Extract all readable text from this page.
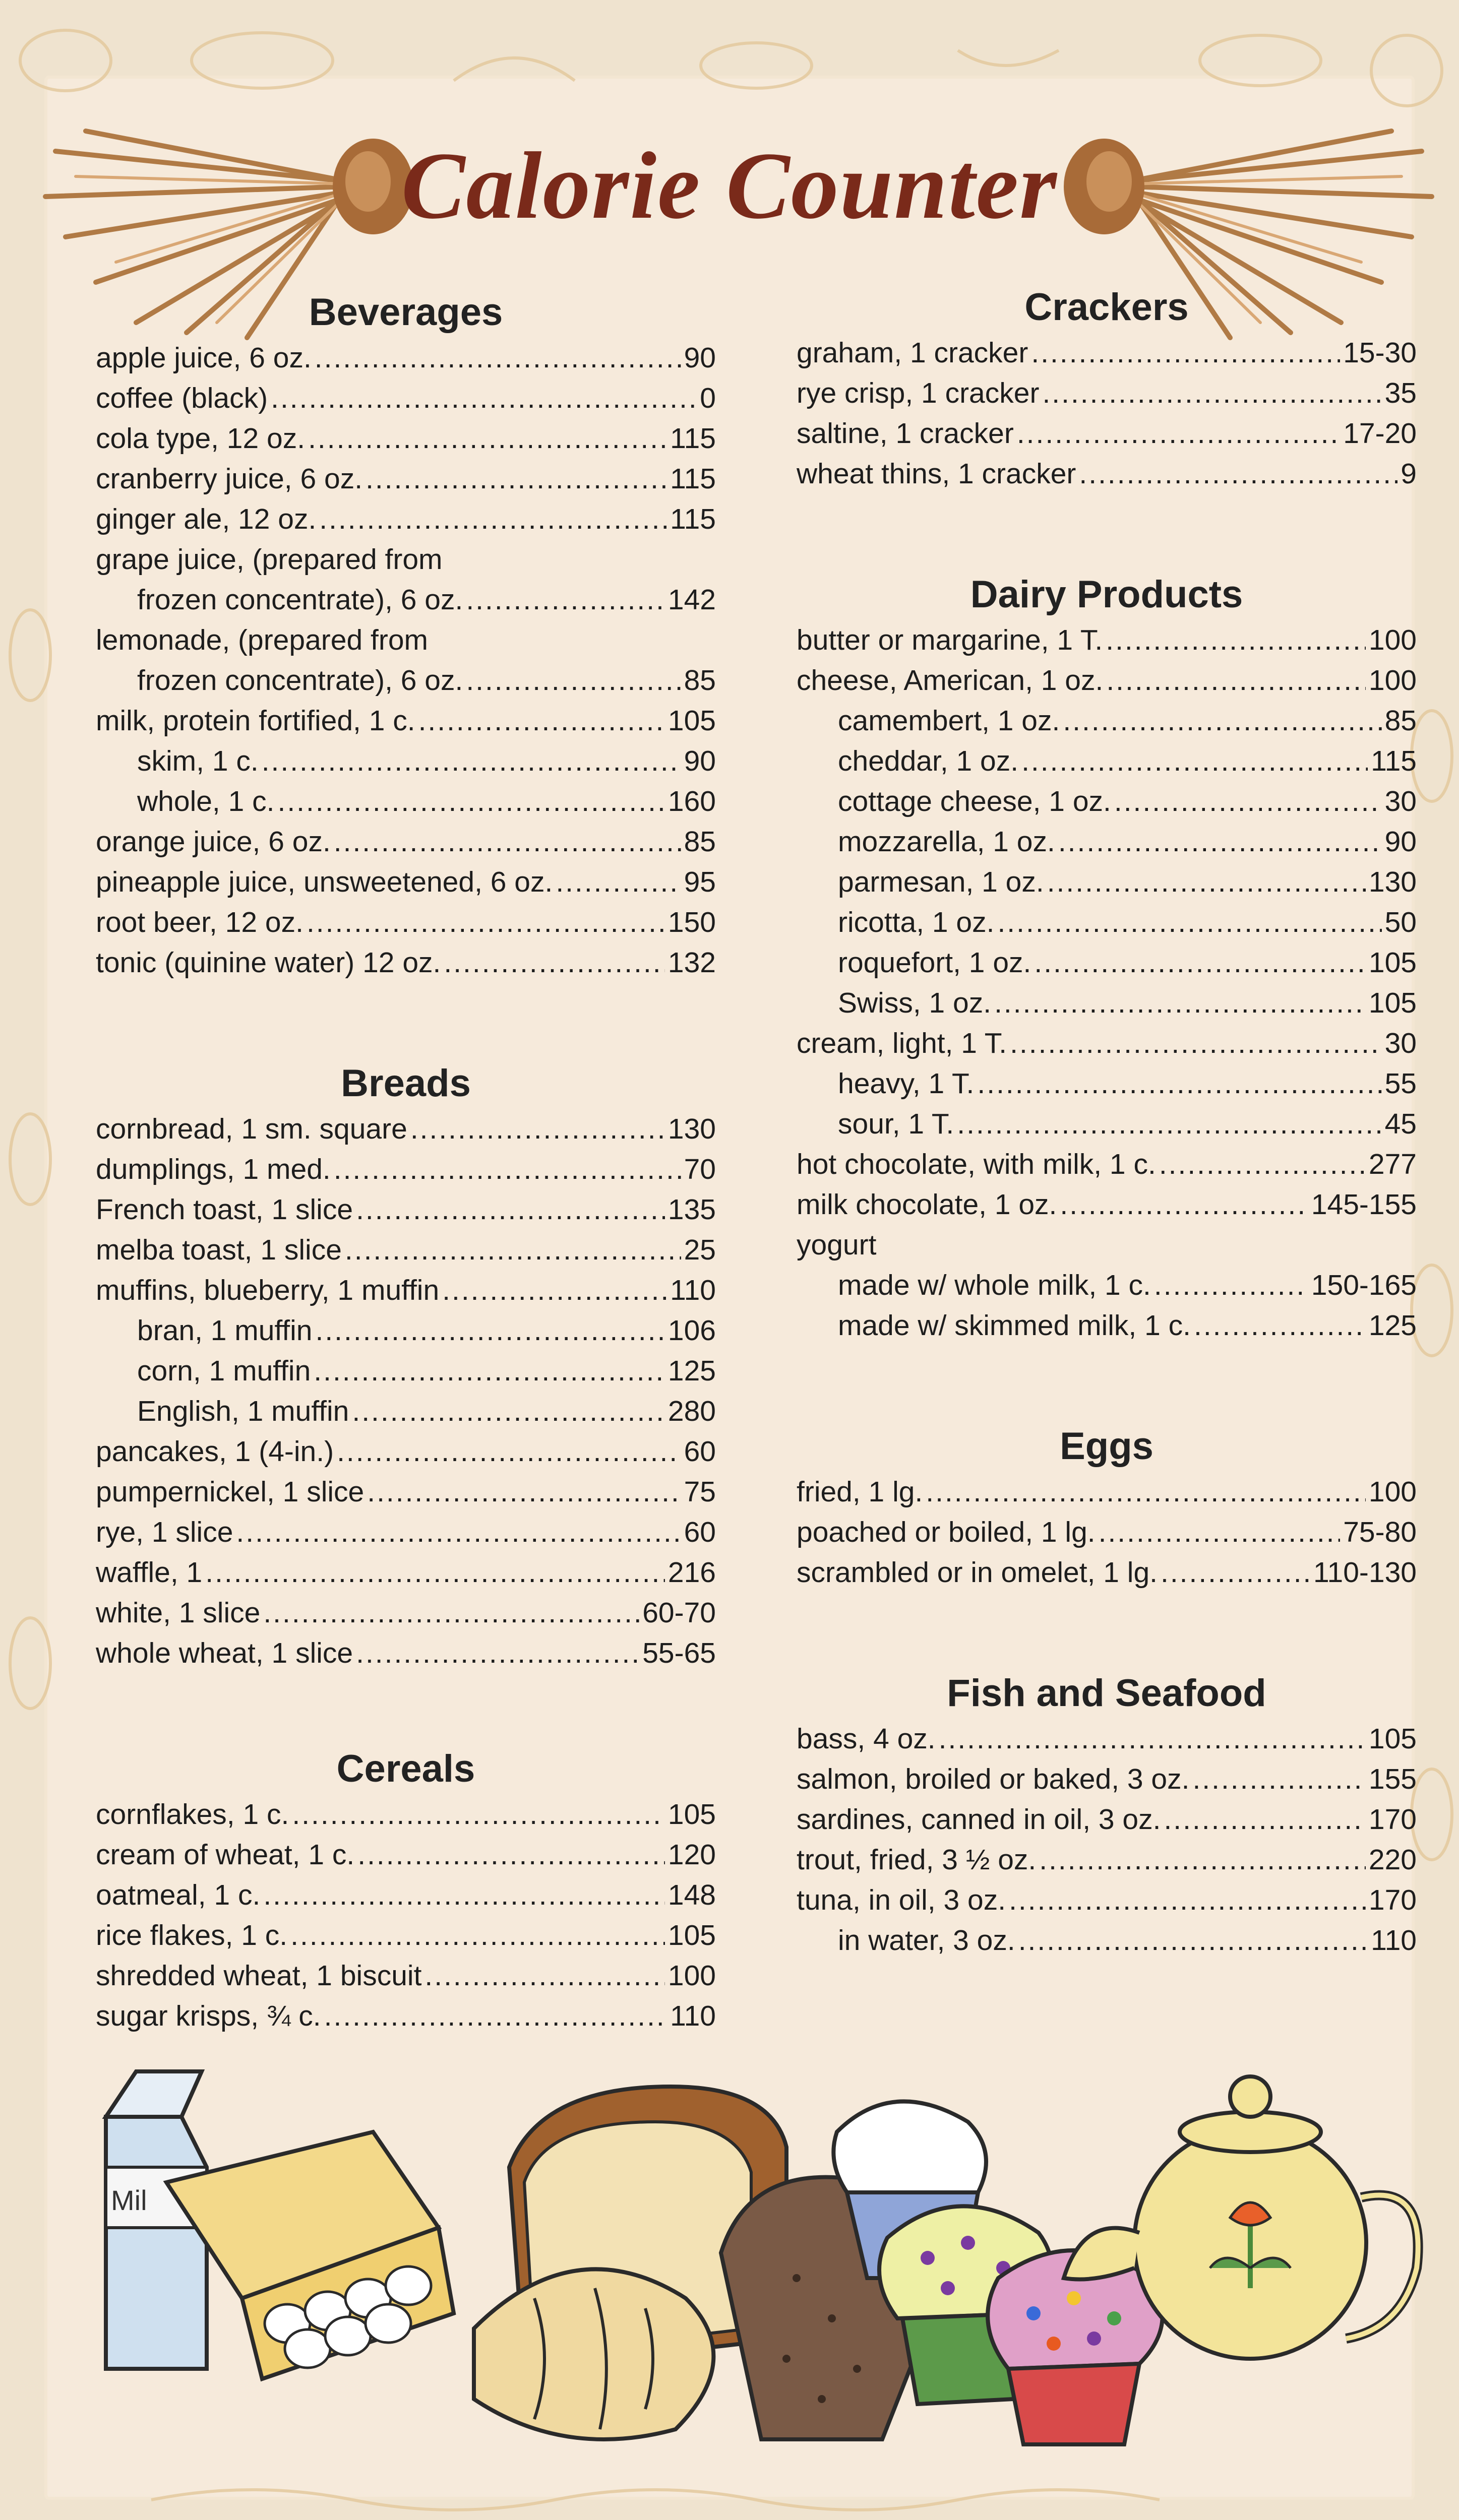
Calorie Counter
Beverages
apple juice, 6 oz. .....	90
coffee (black) .....	0
cola type, 12 oz. .....	115
cranberry juice, 6 oz. .....	115
ginger ale, 12 oz. .....	115
grape juice, (prepared from
frozen concentrate), 6 oz. .....	142
lemonade, (prepared from
frozen concentrate), 6 oz. .....	85
milk, protein fortified, 1 c. .....	105
skim, 1 c. .....	90
whole, 1 c. .....	160
orange juice, 6 oz. .....	85
pineapple juice, unsweetened, 6 oz. .....	95
root beer, 12 oz. .....	150
tonic (quinine water) 12 oz. .....	132
Breads
cornbread, 1 sm. square .....	130
dumplings, 1 med. .....	70
French toast, 1 slice .....	135
melba toast, 1 slice .....	25
muffins, blueberry, 1 muffin .....	110
bran, 1 muffin .....	106
corn, 1 muffin .....	125
English, 1 muffin .....	280
pancakes, 1 (4-in.) .....	60
pumpernickel, 1 slice .....	75
rye, 1 slice .....	60
waffle, 1 .....	216
white, 1 slice .....	60-70
whole wheat, 1 slice .....	55-65
Cereals
cornflakes, 1 c. .....	105
cream of wheat, 1 c. .....	120
oatmeal, 1 c. .....	148
rice flakes, 1 c. .....	105
shredded wheat, 1 biscuit .....	100
sugar krisps, ¾ c. .....	110
Crackers
graham, 1 cracker .....	15-30
rye crisp, 1 cracker .....	35
saltine, 1 cracker .....	17-20
wheat thins, 1 cracker .....	9
Dairy Products
butter or margarine, 1 T. .....	100
cheese, American, 1 oz. .....	100
camembert, 1 oz. .....	85
cheddar, 1 oz. .....	115
cottage cheese, 1 oz. .....	30
mozzarella, 1 oz. .....	90
parmesan, 1 oz. .....	130
ricotta, 1 oz. .....	50
roquefort, 1 oz. .....	105
Swiss, 1 oz. .....	105
cream, light, 1 T. .....	30
heavy, 1 T. .....	55
sour, 1 T. .....	45
hot chocolate, with milk, 1 c. .....	277
milk chocolate, 1 oz. .....	145-155
yogurt
made w/ whole milk, 1 c. .....	150-165
made w/ skimmed milk, 1 c. .....	125
Eggs
fried, 1 lg. .....	100
poached or boiled, 1 lg. .....	75-80
scrambled or in omelet, 1 lg. .....	110-130
Fish and Seafood
bass, 4 oz. .....	105
salmon, broiled or baked, 3 oz. .....	155
sardines, canned in oil, 3 oz. .....	170
trout, fried, 3 ½ oz. .....	220
tuna, in oil, 3 oz. .....	170
in water, 3 oz. .....	110
Mil
